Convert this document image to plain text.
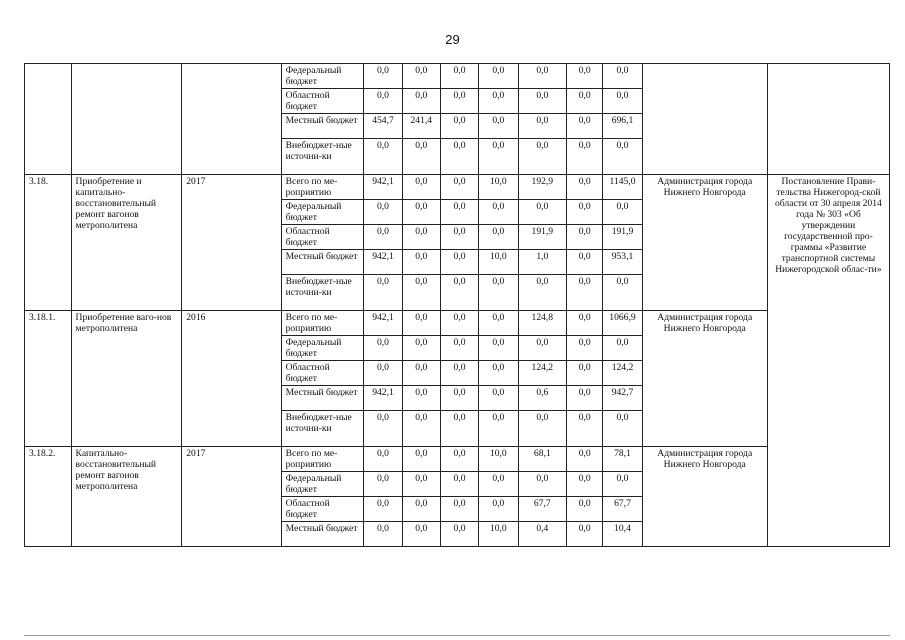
29
			Федеральный бюджет	0,0	0,0	0,0	0,0	0,0	0,0	0,0		
			Областной бюджет	0,0	0,0	0,0	0,0	0,0	0,0	0,0		
			Местный бюджет	454,7	241,4	0,0	0,0	0,0	0,0	696,1		
			Внебюджет-ные источни-ки	0,0	0,0	0,0	0,0	0,0	0,0	0,0		
3.18.	Приобретение и капитально-восстановительный ремонт вагонов метрополитена	2017	Всего по ме-роприятию	942,1	0,0	0,0	10,0	192,9	0,0	1145,0	Администрация города Нижнего Новгорода	Постановление Прави-тельства Нижегород-ской области от 30 апреля 2014 года № 303 «Об утверждении государственной про-граммы «Развитие транспортной системы Нижегородской облас-ти»
			Федеральный бюджет	0,0	0,0	0,0	0,0	0,0	0,0	0,0		
			Областной бюджет	0,0	0,0	0,0	0,0	191,9	0,0	191,9		
			Местный бюджет	942,1	0,0	0,0	10,0	1,0	0,0	953,1		
			Внебюджет-ные источни-ки	0,0	0,0	0,0	0,0	0,0	0,0	0,0		
3.18.1.	Приобретение ваго-нов метрополитена	2016	Всего по ме-роприятию	942,1	0,0	0,0	0,0	124,8	0,0	1066,9	Администрация города Нижнего Новгорода	
			Федеральный бюджет	0,0	0,0	0,0	0,0	0,0	0,0	0,0		
			Областной бюджет	0,0	0,0	0,0	0,0	124,2	0,0	124,2		
			Местный бюджет	942,1	0,0	0,0	0,0	0,6	0,0	942,7		
			Внебюджет-ные источни-ки	0,0	0,0	0,0	0,0	0,0	0,0	0,0		
3.18.2.	Капитально-восстановительный ремонт вагонов метрополитена	2017	Всего по ме-роприятию	0,0	0,0	0,0	10,0	68,1	0,0	78,1	Администрация города Нижнего Новгорода	
			Федеральный бюджет	0,0	0,0	0,0	0,0	0,0	0,0	0,0		
			Областной бюджет	0,0	0,0	0,0	0,0	67,7	0,0	67,7		
			Местный бюджет	0,0	0,0	0,0	10,0	0,4	0,0	10,4		
